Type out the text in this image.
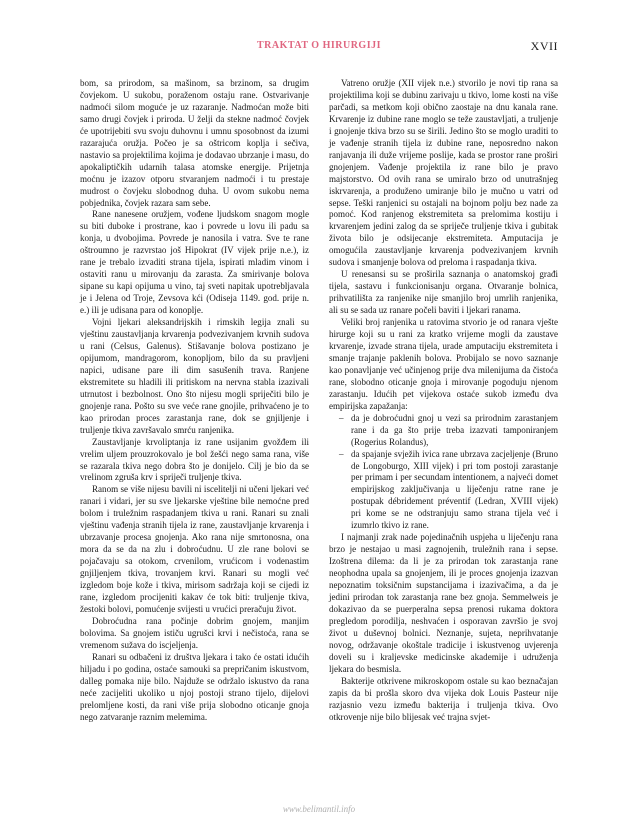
TRAKTAT O HIRURGIJI	XVII

bom, sa prirodom, sa mašinom, sa brzinom, sa drugim čovjekom. U sukobu, poraženom ostaju rane. Ostvarivanje nadmoći silom moguće je uz razaranje. Nadmoćan može biti samo drugi čovjek i priroda. U želji da stekne nadmoć čovjek će upotrijebiti svu svoju duhovnu i umnu sposobnost da izumi razarajuća oružja. Počeo je sa oštricom koplja i sečiva, nastavio sa projektilima kojima je dodavao ubrzanje i masu, do apokaliptičkih udarnih talasa atomske energije. Prijetnja moćnu je izazov otporu stvaranjem nadmoći i tu prestaje mudrost o čovjeku slobodnog duha. U ovom sukobu nema pobjednika, čovjek razara sam sebe.

Rane nanesene oružjem, vođene ljudskom snagom mogle su biti duboke i prostrane, kao i povrede u lovu ili padu sa konja, u dvobojima. Povrede je nanosila i vatra. Sve te rane oštroumno je razvrstao još Hipokrat (IV vijek prije n.e.), iz rane je trebalo izvaditi strana tijela, ispirati mladim vinom i ostaviti ranu u mirovanju da zarasta. Za smirivanje bolova sipane su kapi opijuma u vino, taj sveti napitak upotrebljavala je i Jelena od Troje, Zevsova kći (Odiseja 1149. god. prije n. e.) ili je udisana para od konoplje.

Vojni ljekari aleksandrijskih i rimskih legija znali su vještinu zaustavljanja krvarenja podvezivanjem krvnih sudova u rani (Celsus, Galenus). Stišavanje bolova postizano je opijumom, mandragorom, konopljom, bilo da su pravljeni napici, udisane pare ili dim sasušenih trava. Ranjene ekstremitete su hladili ili pritiskom na nervna stabla izazivali utrnutost i bezbolnost. Ono što nijesu mogli spriječiti bilo je gnojenje rana. Pošto su sve veće rane gnojile, prihvaćeno je to kao prirodan proces zarastanja rane, dok se gnjiljenje i truljenje tkiva završavalo smrću ranjenika.

Zaustavljanje krvoliptanja iz rane usijanim gvožđem ili vrelim uljem prouzrokovalo je bol žešći nego sama rana, više se razarala tkiva nego dobra što je donijelo. Cilj je bio da se vrelinom zgruša krv i spriječi truljenje tkiva.

Ranom se više nijesu bavili ni iscelitelji ni učeni ljekari već ranari i vidari, jer su sve ljekarske vještine bile nemoćne pred bolom i truležnim raspadanjem tkiva u rani. Ranari su znali vještinu vađenja stranih tijela iz rane, zaustavljanje krvarenja i ubrzavanje procesa gnojenja. Ako rana nije smrtonosna, ona mora da se da na zlu i dobroćudnu. U zle rane bolovi se pojačavaju sa otokom, crvenilom, vrućicom i vodenastim gnjiljenjem tkiva, trovanjem krvi. Ranari su mogli već izgledom boje kože i tkiva, mirisom sadržaja koji se cijedi iz rane, izgledom procijeniti kakav će tok biti: truljenje tkiva, žestoki bolovi, pomućenje svijesti u vrućici preračuju život.

Dobroćudna rana počinje dobrim gnojem, manjim bolovima. Sa gnojem ističu ugrušci krvi i nečistoća, rana se vremenom sužava do iscjeljenja.

Ranari su odbačeni iz društva ljekara i tako će ostati idućih hiljadu i po godina, ostaće samouki sa prepričanim iskustvom, dalleg pomaka nije bilo. Najduže se održalo iskustvo da rana neće zacijeliti ukoliko u njoj postoji strano tijelo, dijelovi prelomljene kosti, da rani više prija slobodno oticanje gnoja nego zatvaranje raznim melemima.

Vatreno oružje (XII vijek n.e.) stvorilo je novi tip rana sa projektilima koji se dubinu zarivaju u tkivo, lome kosti na više parčadi, sa metkom koji obično zaostaje na dnu kanala rane. Krvarenje iz dubine rane moglo se teže zaustavljati, a truljenje i gnojenje tkiva brzo su se širili. Jedino što se moglo uraditi to je vađenje stranih tijela iz dubine rane, neposredno nakon ranjavanja ili duže vrijeme poslije, kada se prostor rane proširi gnojenjem. Vađenje projektila iz rane bilo je pravo majstorstvo. Od ovih rana se umiralo brzo od unutrašnjeg iskrvarenja, a produženo umiranje bilo je mučno u vatri od sepse. Teški ranjenici su ostajali na bojnom polju bez nade za pomoć. Kod ranjenog ekstremiteta sa prelomima kostiju i krvarenjem jedini zalog da se spriječe truljenje tkiva i gubitak života bilo je odsijecanje ekstremiteta. Amputacija je omogućila zaustavljanje krvarenja podvezivanjem krvnih sudova i smanjenje bolova od preloma i raspadanja tkiva.

U renesansi su se proširila saznanja o anatomskoj građi tijela, sastavu i funkcionisanju organa. Otvaranje bolnica, prihvatilišta za ranjenike nije smanjilo broj umrlih ranjenika, ali su se sada uz ranare počeli baviti i ljekari ranama.

Veliki broj ranjenika u ratovima stvorio je od ranara vješte hirurge koji su u rani za kratko vrijeme mogli da zaustave krvarenje, izvade strana tijela, urade amputaciju ekstremiteta i smanje trajanje paklenih bolova. Probijalo se novo saznanje kao ponavljanje već učinjenog prije dva milenijuma da čistoća rane, slobodno oticanje gnoja i mirovanje pogoduju njenom zarastanju. Idućih pet vijekova ostaće sukob između dva empirijska zapažanja:

– da je dobroćudni gnoj u vezi sa prirodnim zarastanjem rane i da ga što prije treba izazvati tamponiranjem (Rogerius Rolandus),
– da spajanje svježih ivica rane ubrzava zacjeljenje (Bruno de Longoburgo, XIII vijek) i pri tom postoji zarastanje per primam i per secundam intentionem, a najveći domet empirijskog zaključivanja u liječenju ratne rane je postupak débridement préventif (Ledran, XVIII vijek) pri kome se ne odstranjuju samo strana tijela već i izumrlo tkivo iz rane.

I najmanji zrak nade pojedinačnih uspjeha u liječenju rana brzo je nestajao u masi zagnojenih, truležnih rana i sepse. Izoštrena dilema: da li je za prirodan tok zarastanja rane neophodna upala sa gnojenjem, ili je proces gnojenja izazvan nepoznatim toksičnim supstancijama i izazivačima, a da je jedini prirodan tok zarastanja rane bez gnoja. Semmelweis je dokazivao da se puerperalna sepsa prenosi rukama doktora pregledom porodilja, neshvaćen i osporavan završio je svoj život u duševnoj bolnici. Neznanje, sujeta, neprihvatanje novog, održavanje okoštale tradicije i iskustvenog uvjerenja doveli su i kraljevske medicinske akademije i udruženja ljekara do besmisla.

Bakterije otkrivene mikroskopom ostale su kao beznačajan zapis da bi prošla skoro dva vijeka dok Louis Pasteur nije razjasnio vezu između bakterija i truljenja tkiva. Ovo otkrovenje nije bilo blijesak već trajna svjet-

www.belimantil.info
